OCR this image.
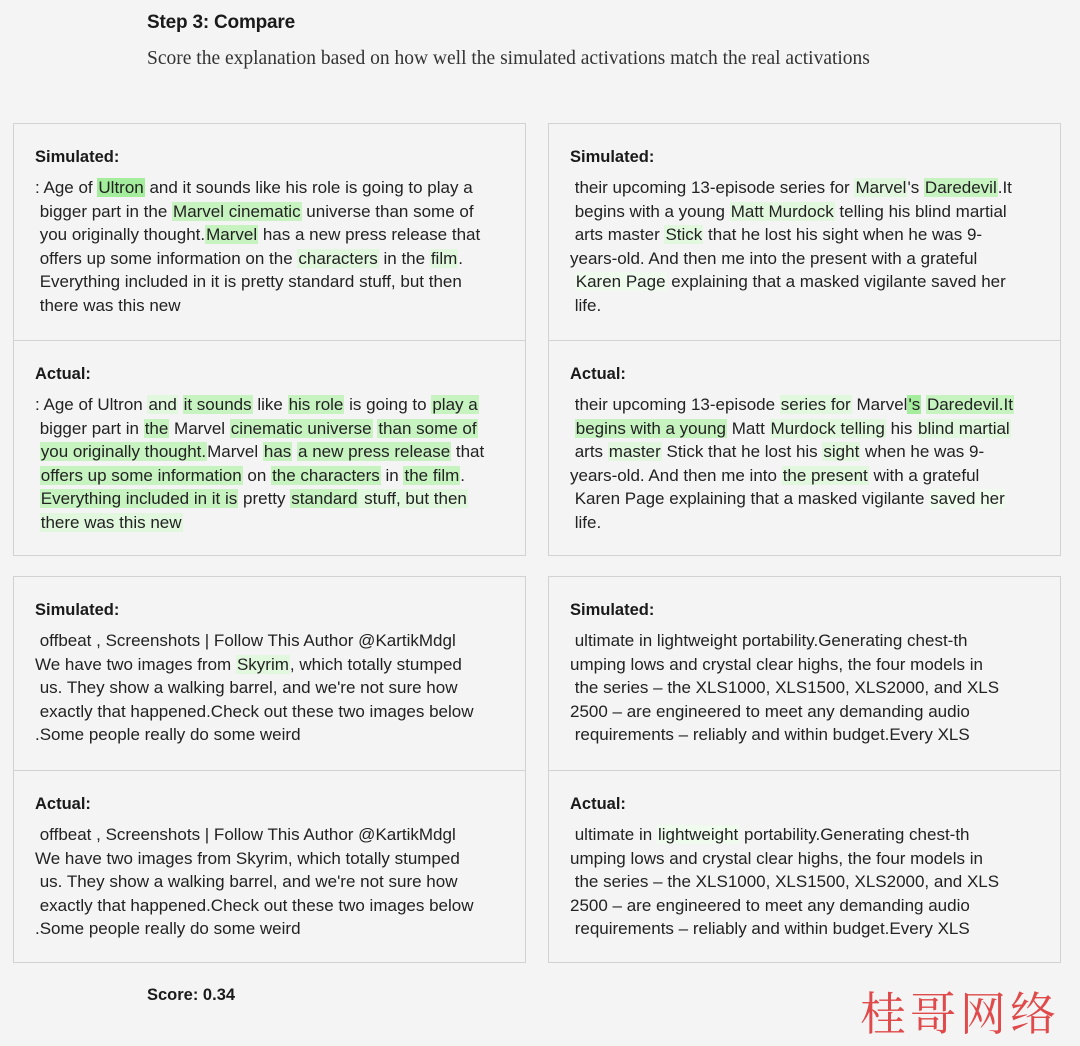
Step 3: Compare
Score the explanation based on how well the simulated activations match the real activations
Simulated:
: Age of Ultron and it sounds like his role is going to play a
bigger part in the Marvel cinematic universe than some of
you originally thought.Marvel has a new press release that
offers up some information on the characters in the film.
Everything included in it is pretty standard stuff, but then
there was this new
Actual:
: Age of Ultron and it sounds like his role is going to play a
bigger part in the Marvel cinematic universe than some of
you originally thought.Marvel has a new press release that
offers up some information on the characters in the film.
Everything included in it is pretty standard stuff, but then
there was this new
Simulated:
their upcoming 13-episode series for Marvel's Daredevil.It
begins with a young Matt Murdock telling his blind martial
arts master Stick that he lost his sight when he was 9-
years-old. And then me into the present with a grateful
Karen Page explaining that a masked vigilante saved her
life.
Actual:
their upcoming 13-episode series for Marvel's Daredevil.It
begins with a young Matt Murdock telling his blind martial
arts master Stick that he lost his sight when he was 9-
years-old. And then me into the present with a grateful
Karen Page explaining that a masked vigilante saved her
life.
Simulated:
offbeat , Screenshots | Follow This Author @KartikMdgl
We have two images from Skyrim, which totally stumped
us. They show a walking barrel, and we're not sure how
exactly that happened.Check out these two images below
.Some people really do some weird
Actual:
offbeat , Screenshots | Follow This Author @KartikMdgl
We have two images from Skyrim, which totally stumped
us. They show a walking barrel, and we're not sure how
exactly that happened.Check out these two images below
.Some people really do some weird
Simulated:
ultimate in lightweight portability.Generating chest-th
umping lows and crystal clear highs, the four models in
the series – the XLS1000, XLS1500, XLS2000, and XLS
2500 – are engineered to meet any demanding audio
requirements – reliably and within budget.Every XLS
Actual:
ultimate in lightweight portability.Generating chest-th
umping lows and crystal clear highs, the four models in
the series – the XLS1000, XLS1500, XLS2000, and XLS
2500 – are engineered to meet any demanding audio
requirements – reliably and within budget.Every XLS
Score: 0.34	桂哥网络
